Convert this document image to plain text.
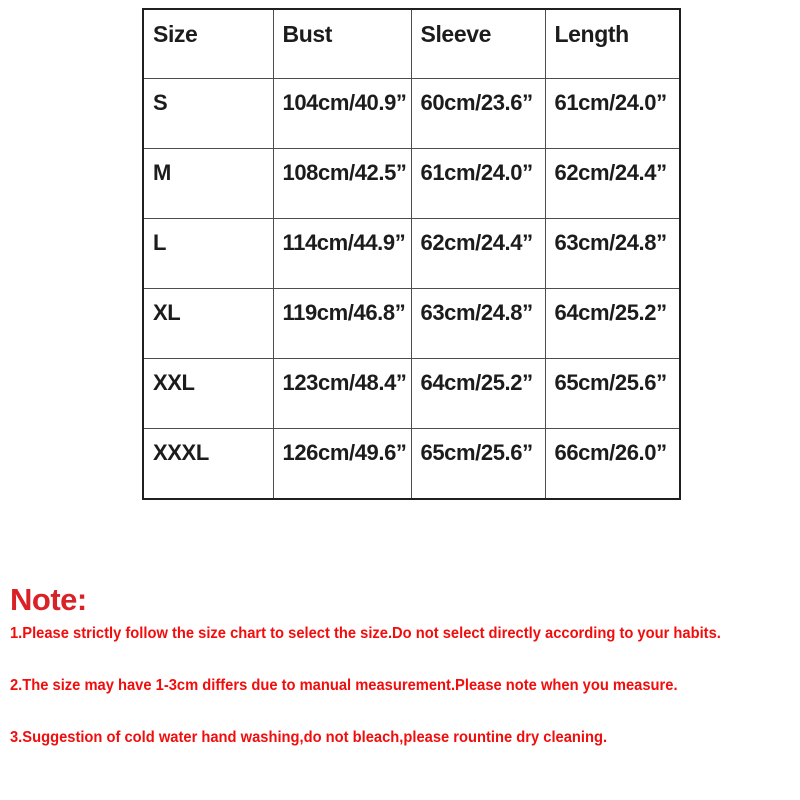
Size	Bust	Sleeve	Length
S	104cm/40.9”	60cm/23.6”	61cm/24.0”
M	108cm/42.5”	61cm/24.0”	62cm/24.4”
L	114cm/44.9”	62cm/24.4”	63cm/24.8”
XL	119cm/46.8”	63cm/24.8”	64cm/25.2”
XXL	123cm/48.4”	64cm/25.2”	65cm/25.6”
XXXL	126cm/49.6”	65cm/25.6”	66cm/26.0”
Note:
1.Please strictly follow the size chart to select the size.Do not select directly according to your habits.
2.The size may have 1-3cm differs due to manual measurement.Please note when you measure.
3.Suggestion of cold water hand washing,do not bleach,please rountine dry cleaning.
